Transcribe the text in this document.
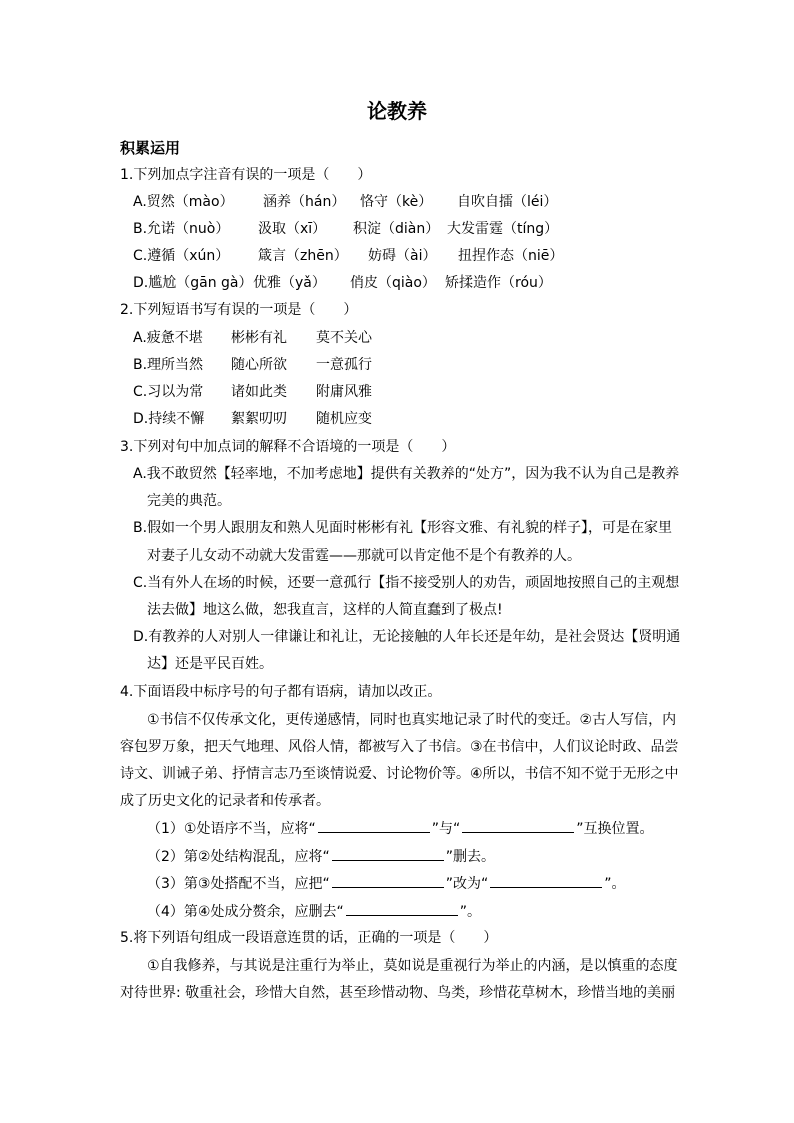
论教养
积累运用
1.下列加点字注音有误的一项是（　　）
A.贸然（mào） 涵养（hán） 恪守（kè） 自吹自擂（léi）
B.允诺（nuò） 汲取（xī） 积淀（diàn） 大发雷霆（tíng）
C.遵循（xún） 箴言（zhēn） 妨碍（ài） 扭捏作态（niē）
D.尴尬（gān gà） 优雅（yǎ） 俏皮（qiào） 矫揉造作（róu）
2.下列短语书写有误的一项是（　　）
A.疲惫不堪 彬彬有礼 莫不关心
B.理所当然 随心所欲 一意孤行
C.习以为常 诸如此类 附庸风雅
D.持续不懈 絮絮叨叨 随机应变
3.下列对句中加点词的解释不合语境的一项是（　　）
A.我不敢贸然【轻率地，不加考虑地】提供有关教养的“处方”，因为我不认为自己是教养
完美的典范。
B.假如一个男人跟朋友和熟人见面时彬彬有礼【形容文雅、有礼貌的样子】，可是在家里
对妻子儿女动不动就大发雷霆——那就可以肯定他不是个有教养的人。
C.当有外人在场的时候，还要一意孤行【指不接受别人的劝告，顽固地按照自己的主观想
法去做】地这么做，恕我直言，这样的人简直蠢到了极点!
D.有教养的人对别人一律谦让和礼让，无论接触的人年长还是年幼，是社会贤达【贤明通
达】还是平民百姓。
4.下面语段中标序号的句子都有语病，请加以改正。
①书信不仅传承文化，更传递感情，同时也真实地记录了时代的变迁。②古人写信，内
容包罗万象，把天气地理、风俗人情，都被写入了书信。③在书信中，人们议论时政、品尝
诗文、训诫子弟、抒情言志乃至谈情说爱、讨论物价等。④所以，书信不知不觉于无形之中
成了历史文化的记录者和传承者。
（1）①处语序不当，应将“	”与“	”互换位置。
（2）第②处结构混乱，应将“	”删去。
（3）第③处搭配不当，应把“	”改为“	”。
（4）第④处成分赘余，应删去“	”。
5.将下列语句组成一段语意连贯的话，正确的一项是（　　）
①自我修养，与其说是注重行为举止，莫如说是重视行为举止的内涵，是以慎重的态度
对待世界: 敬重社会，珍惜大自然，甚至珍惜动物、鸟类，珍惜花草树木，珍惜当地的美丽
